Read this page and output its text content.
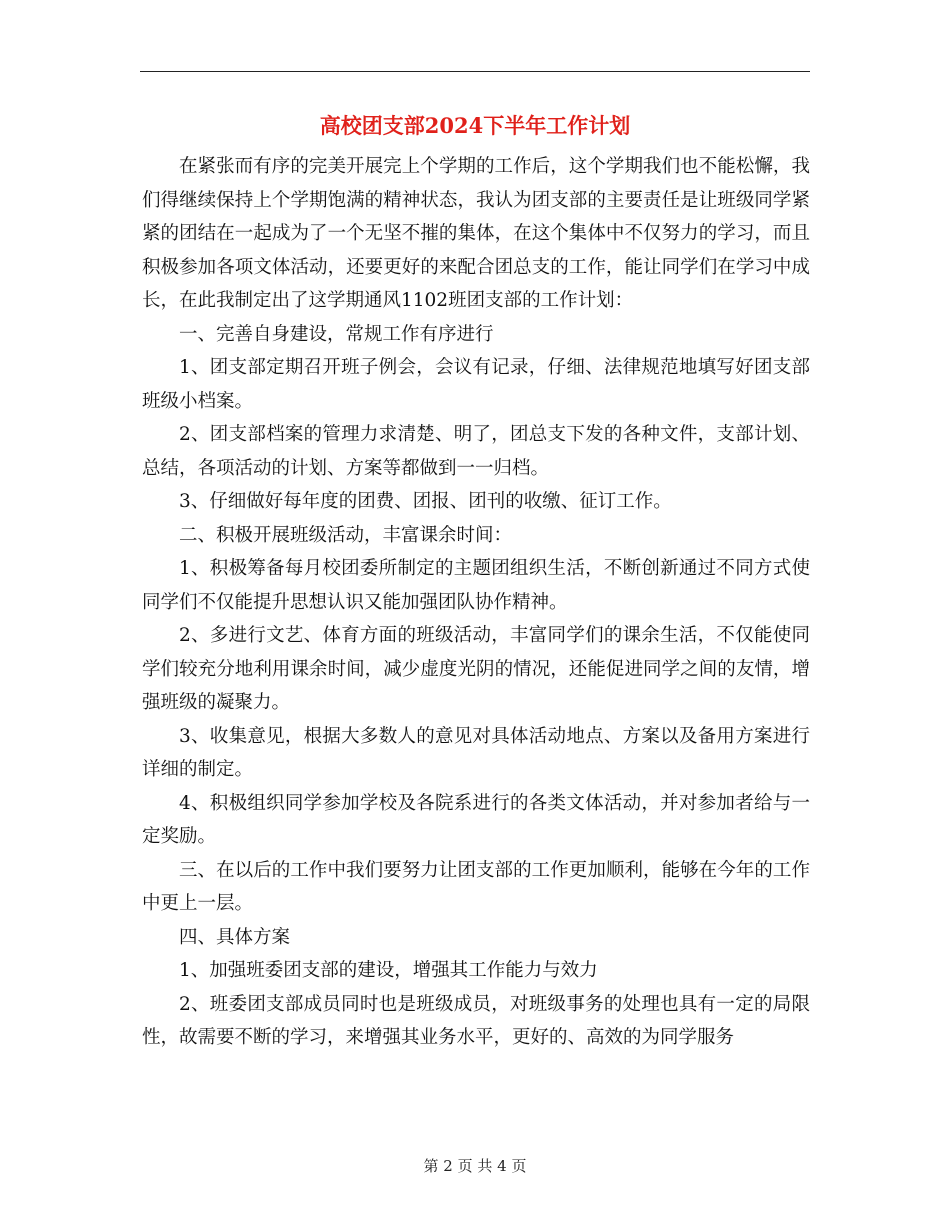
高校团支部2024下半年工作计划

在紧张而有序的完美开展完上个学期的工作后，这个学期我们也不能松懈，我们得继续保持上个学期饱满的精神状态，我认为团支部的主要责任是让班级同学紧紧的团结在一起成为了一个无坚不摧的集体，在这个集体中不仅努力的学习，而且积极参加各项文体活动，还要更好的来配合团总支的工作，能让同学们在学习中成长，在此我制定出了这学期通风1102班团支部的工作计划：

一、完善自身建设，常规工作有序进行

1、团支部定期召开班子例会，会议有记录，仔细、法律规范地填写好团支部班级小档案。

2、团支部档案的管理力求清楚、明了，团总支下发的各种文件，支部计划、总结，各项活动的计划、方案等都做到一一归档。

3、仔细做好每年度的团费、团报、团刊的收缴、征订工作。

二、积极开展班级活动，丰富课余时间：

1、积极筹备每月校团委所制定的主题团组织生活，不断创新通过不同方式使同学们不仅能提升思想认识又能加强团队协作精神。

2、多进行文艺、体育方面的班级活动，丰富同学们的课余生活，不仅能使同学们较充分地利用课余时间，减少虚度光阴的情况，还能促进同学之间的友情，增强班级的凝聚力。

3、收集意见，根据大多数人的意见对具体活动地点、方案以及备用方案进行详细的制定。

4、积极组织同学参加学校及各院系进行的各类文体活动，并对参加者给与一定奖励。

三、在以后的工作中我们要努力让团支部的工作更加顺利，能够在今年的工作中更上一层。

四、具体方案

1、加强班委团支部的建设，增强其工作能力与效力

2、班委团支部成员同时也是班级成员，对班级事务的处理也具有一定的局限性，故需要不断的学习，来增强其业务水平，更好的、高效的为同学服务

第 2 页 共 4 页
